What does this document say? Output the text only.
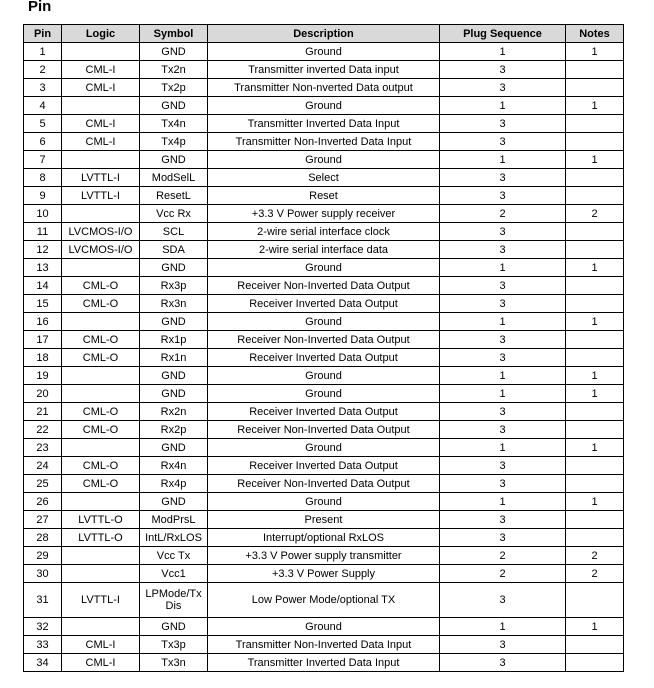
Pin
Pin	Logic	Symbol	Description	Plug Sequence	Notes
1		GND	Ground	1	1
2	CML-I	Tx2n	Transmitter inverted Data input	3	
3	CML-I	Tx2p	Transmitter Non-nverted Data output	3	
4		GND	Ground	1	1
5	CML-I	Tx4n	Transmitter Inverted Data Input	3	
6	CML-I	Tx4p	Transmitter Non-Inverted Data Input	3	
7		GND	Ground	1	1
8	LVTTL-I	ModSelL	Select	3	
9	LVTTL-I	ResetL	Reset	3	
10		Vcc Rx	+3.3 V Power supply receiver	2	2
11	LVCMOS-I/O	SCL	2-wire serial interface clock	3	
12	LVCMOS-I/O	SDA	2-wire serial interface data	3	
13		GND	Ground	1	1
14	CML-O	Rx3p	Receiver Non-Inverted Data Output	3	
15	CML-O	Rx3n	Receiver Inverted Data Output	3	
16		GND	Ground	1	1
17	CML-O	Rx1p	Receiver Non-Inverted Data Output	3	
18	CML-O	Rx1n	Receiver Inverted Data Output	3	
19		GND	Ground	1	1
20		GND	Ground	1	1
21	CML-O	Rx2n	Receiver Inverted Data Output	3	
22	CML-O	Rx2p	Receiver Non-Inverted Data Output	3	
23		GND	Ground	1	1
24	CML-O	Rx4n	Receiver Inverted Data Output	3	
25	CML-O	Rx4p	Receiver Non-Inverted Data Output	3	
26		GND	Ground	1	1
27	LVTTL-O	ModPrsL	Present	3	
28	LVTTL-O	IntL/RxLOS	Interrupt/optional RxLOS	3	
29		Vcc Tx	+3.3 V Power supply transmitter	2	2
30		Vcc1	+3.3 V Power Supply	2	2
31	LVTTL-I	LPMode/Tx Dis	Low Power Mode/optional TX	3	
32		GND	Ground	1	1
33	CML-I	Tx3p	Transmitter Non-Inverted Data Input	3	
34	CML-I	Tx3n	Transmitter Inverted Data Input	3	
